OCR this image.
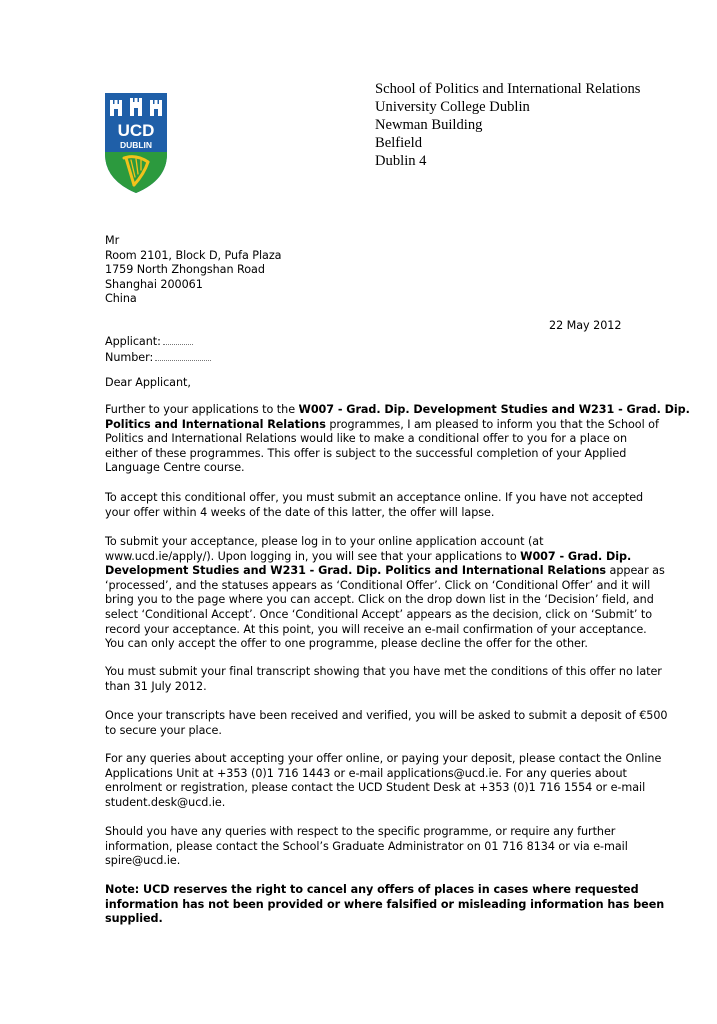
UCD
DUBLIN
School of Politics and International Relations
University College Dublin
Newman Building
Belfield
Dublin 4
Mr
Room 2101, Block D, Pufa Plaza
1759 North Zhongshan Road
Shanghai 200061
China
22 May 2012
Applicant:
Number:
Dear Applicant,
Further to your applications to the W007 - Grad. Dip. Development Studies and W231 - Grad. Dip.
Politics and International Relations programmes, I am pleased to inform you that the School of
Politics and International Relations would like to make a conditional offer to you for a place on
either of these programmes. This offer is subject to the successful completion of your Applied
Language Centre course.
To accept this conditional offer, you must submit an acceptance online. If you have not accepted
your offer within 4 weeks of the date of this latter, the offer will lapse.
To submit your acceptance, please log in to your online application account (at
www.ucd.ie/apply/). Upon logging in, you will see that your applications to W007 - Grad. Dip.
Development Studies and W231 - Grad. Dip. Politics and International Relations appear as
‘processed’, and the statuses appears as ‘Conditional Offer’. Click on ‘Conditional Offer’ and it will
bring you to the page where you can accept. Click on the drop down list in the ‘Decision’ field, and
select ‘Conditional Accept’. Once ‘Conditional Accept’ appears as the decision, click on ‘Submit’ to
record your acceptance. At this point, you will receive an e-mail confirmation of your acceptance.
You can only accept the offer to one programme, please decline the offer for the other.
You must submit your final transcript showing that you have met the conditions of this offer no later
than 31 July 2012.
Once your transcripts have been received and verified, you will be asked to submit a deposit of €500
to secure your place.
For any queries about accepting your offer online, or paying your deposit, please contact the Online
Applications Unit at +353 (0)1 716 1443 or e-mail applications@ucd.ie. For any queries about
enrolment or registration, please contact the UCD Student Desk at +353 (0)1 716 1554 or e-mail
student.desk@ucd.ie.
Should you have any queries with respect to the specific programme, or require any further
information, please contact the School’s Graduate Administrator on 01 716 8134 or via e-mail
spire@ucd.ie.
Note: UCD reserves the right to cancel any offers of places in cases where requested
information has not been provided or where falsified or misleading information has been
supplied.
